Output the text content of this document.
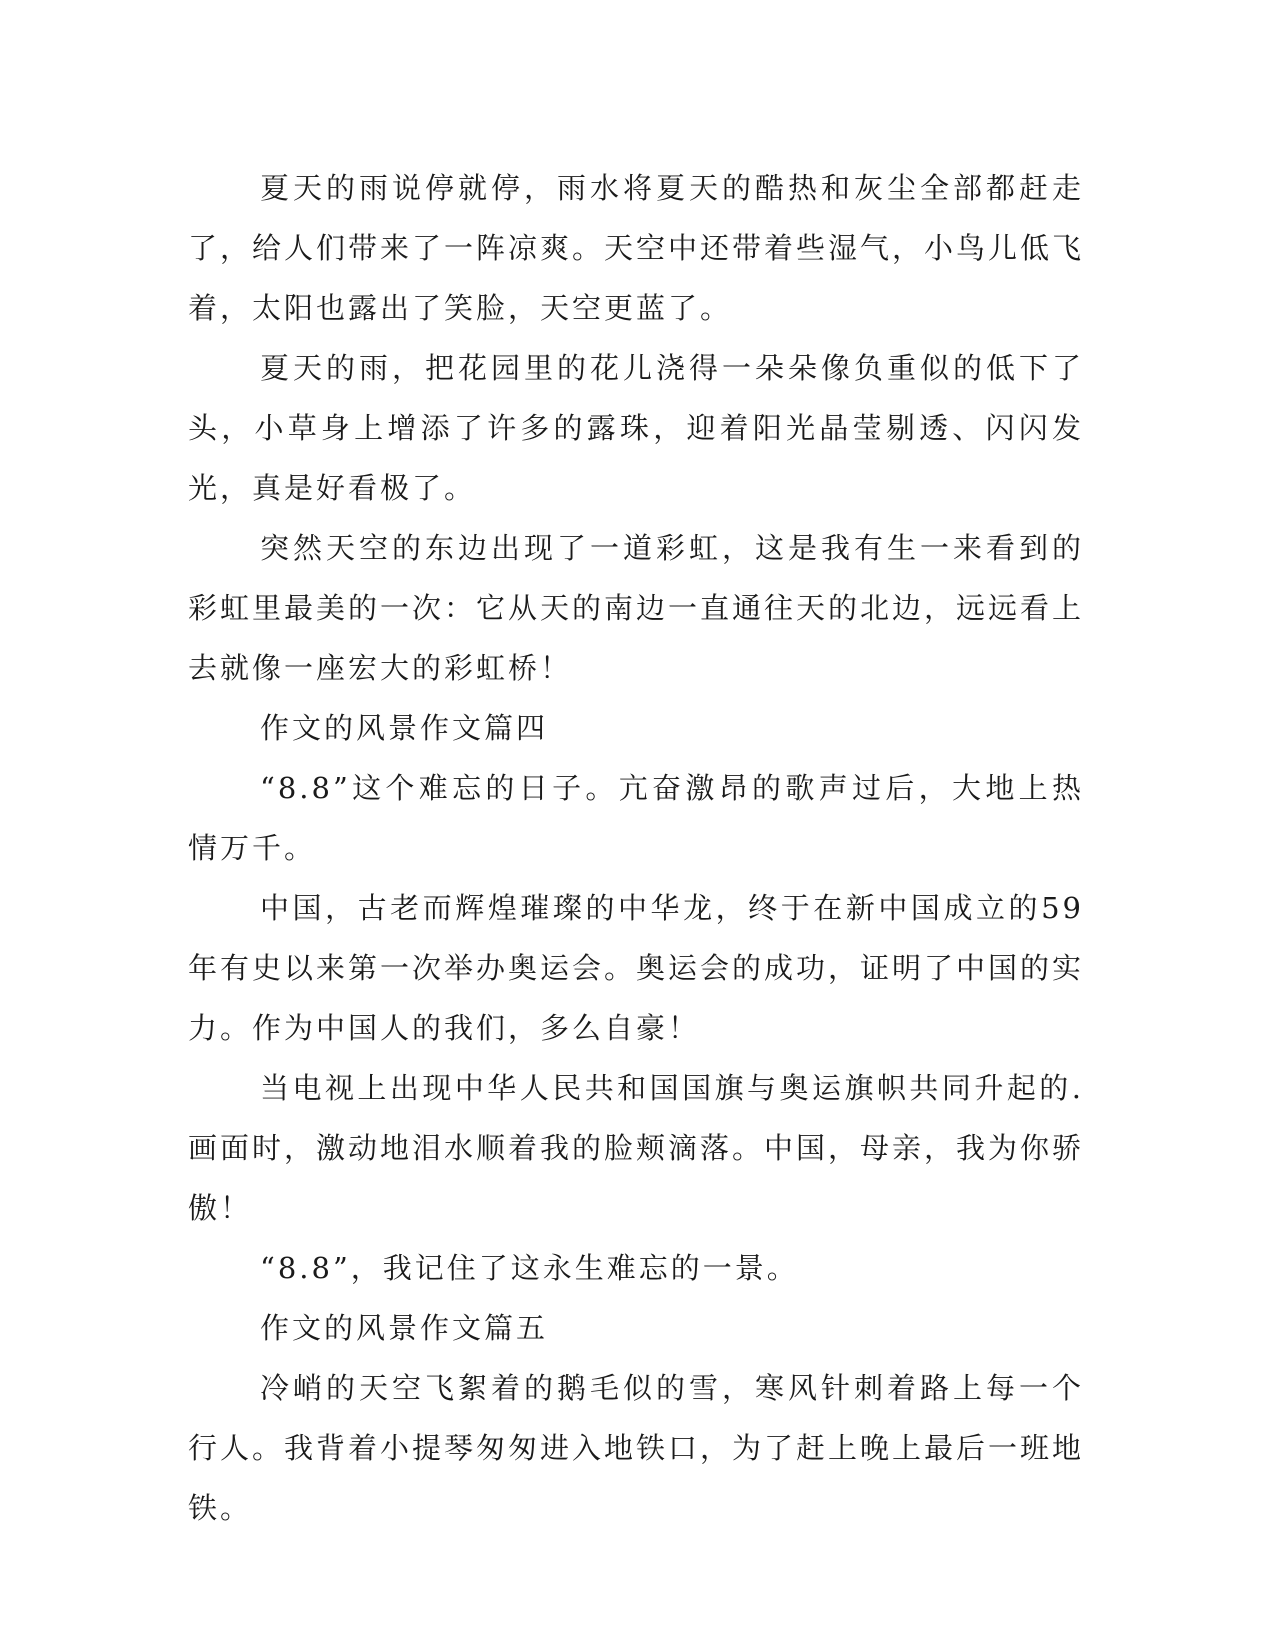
夏天的雨说停就停，雨水将夏天的酷热和灰尘全部都赶走了，给人们带来了一阵凉爽。天空中还带着些湿气，小鸟儿低飞着，太阳也露出了笑脸，天空更蓝了。

夏天的雨，把花园里的花儿浇得一朵朵像负重似的低下了头，小草身上增添了许多的露珠，迎着阳光晶莹剔透、闪闪发光，真是好看极了。

突然天空的东边出现了一道彩虹，这是我有生一来看到的彩虹里最美的一次：它从天的南边一直通往天的北边，远远看上去就像一座宏大的彩虹桥！

作文的风景作文篇四

“8.8”这个难忘的日子。亢奋激昂的歌声过后，大地上热情万千。

中国，古老而辉煌璀璨的中华龙，终于在新中国成立的59年有史以来第一次举办奥运会。奥运会的成功，证明了中国的实力。作为中国人的我们，多么自豪！

当电视上出现中华人民共和国国旗与奥运旗帜共同升起的.画面时，激动地泪水顺着我的脸颊滴落。中国，母亲，我为你骄傲！

“8.8”，我记住了这永生难忘的一景。

作文的风景作文篇五

冷峭的天空飞絮着的鹅毛似的雪，寒风针刺着路上每一个行人。我背着小提琴匆匆进入地铁口，为了赶上晚上最后一班地铁。
